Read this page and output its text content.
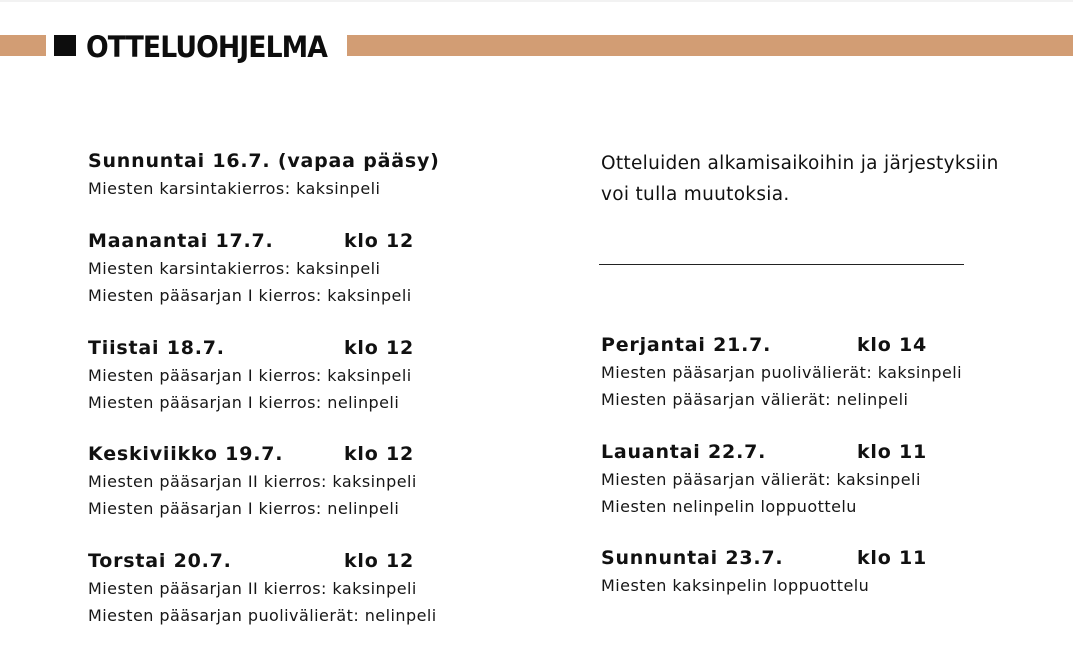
OTTELUOHJELMA
Sunnuntai 16.7. (vapaa pääsy)
Miesten karsintakierros: kaksinpeli
Maanantai 17.7.	klo 12
Miesten karsintakierros: kaksinpeli
Miesten pääsarjan I kierros: kaksinpeli
Tiistai 18.7.	klo 12
Miesten pääsarjan I kierros: kaksinpeli
Miesten pääsarjan I kierros: nelinpeli
Keskiviikko 19.7.	klo 12
Miesten pääsarjan II kierros: kaksinpeli
Miesten pääsarjan I kierros: nelinpeli
Torstai 20.7.	klo 12
Miesten pääsarjan II kierros: kaksinpeli
Miesten pääsarjan puolivälierät: nelinpeli
Otteluiden alkamisaikoihin ja järjestyksiin voi tulla muutoksia.
Perjantai 21.7.	klo 14
Miesten pääsarjan puolivälierät: kaksinpeli
Miesten pääsarjan välierät: nelinpeli
Lauantai 22.7.	klo 11
Miesten pääsarjan välierät: kaksinpeli
Miesten nelinpelin loppuottelu
Sunnuntai 23.7.	klo 11
Miesten kaksinpelin loppuottelu
